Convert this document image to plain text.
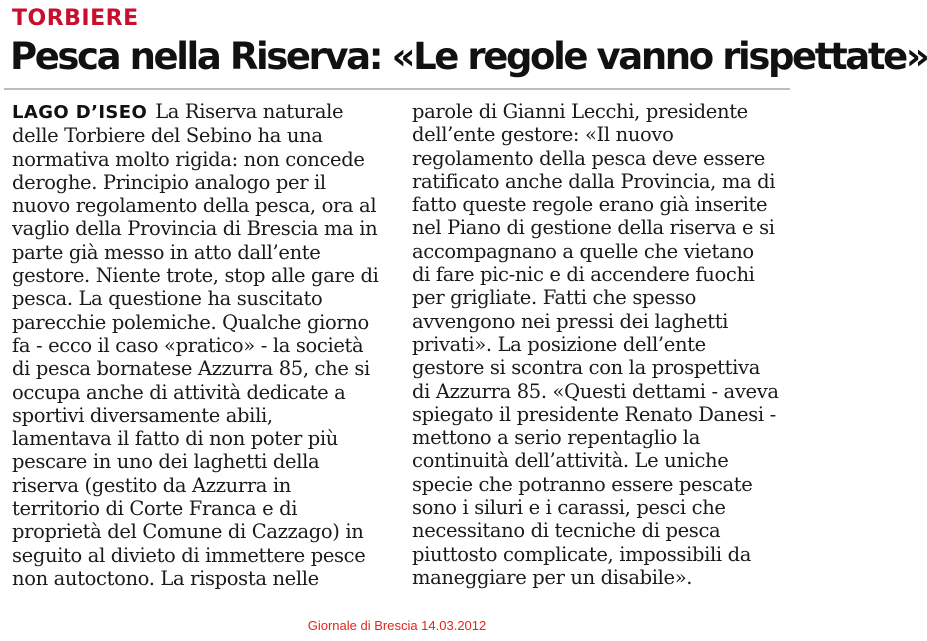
TORBIERE
Pesca nella Riserva: «Le regole vanno rispettate»
LAGO D’ISEO La Riserva naturale
delle Torbiere del Sebino ha una
normativa molto rigida: non concede
deroghe. Principio analogo per il
nuovo regolamento della pesca, ora al
vaglio della Provincia di Brescia ma in
parte già messo in atto dall’ente
gestore. Niente trote, stop alle gare di
pesca. La questione ha suscitato
parecchie polemiche. Qualche giorno
fa - ecco il caso «pratico» - la società
di pesca bornatese Azzurra 85, che si
occupa anche di attività dedicate a
sportivi diversamente abili,
lamentava il fatto di non poter più
pescare in uno dei laghetti della
riserva (gestito da Azzurra in
territorio di Corte Franca e di
proprietà del Comune di Cazzago) in
seguito al divieto di immettere pesce
non autoctono. La risposta nelle
parole di Gianni Lecchi, presidente
dell’ente gestore: «Il nuovo
regolamento della pesca deve essere
ratificato anche dalla Provincia, ma di
fatto queste regole erano già inserite
nel Piano di gestione della riserva e si
accompagnano a quelle che vietano
di fare pic-nic e di accendere fuochi
per grigliate. Fatti che spesso
avvengono nei pressi dei laghetti
privati». La posizione dell’ente
gestore si scontra con la prospettiva
di Azzurra 85. «Questi dettami - aveva
spiegato il presidente Renato Danesi -
mettono a serio repentaglio la
continuità dell’attività. Le uniche
specie che potranno essere pescate
sono i siluri e i carassi, pesci che
necessitano di tecniche di pesca
piuttosto complicate, impossibili da
maneggiare per un disabile».
Giornale di Brescia 14.03.2012
